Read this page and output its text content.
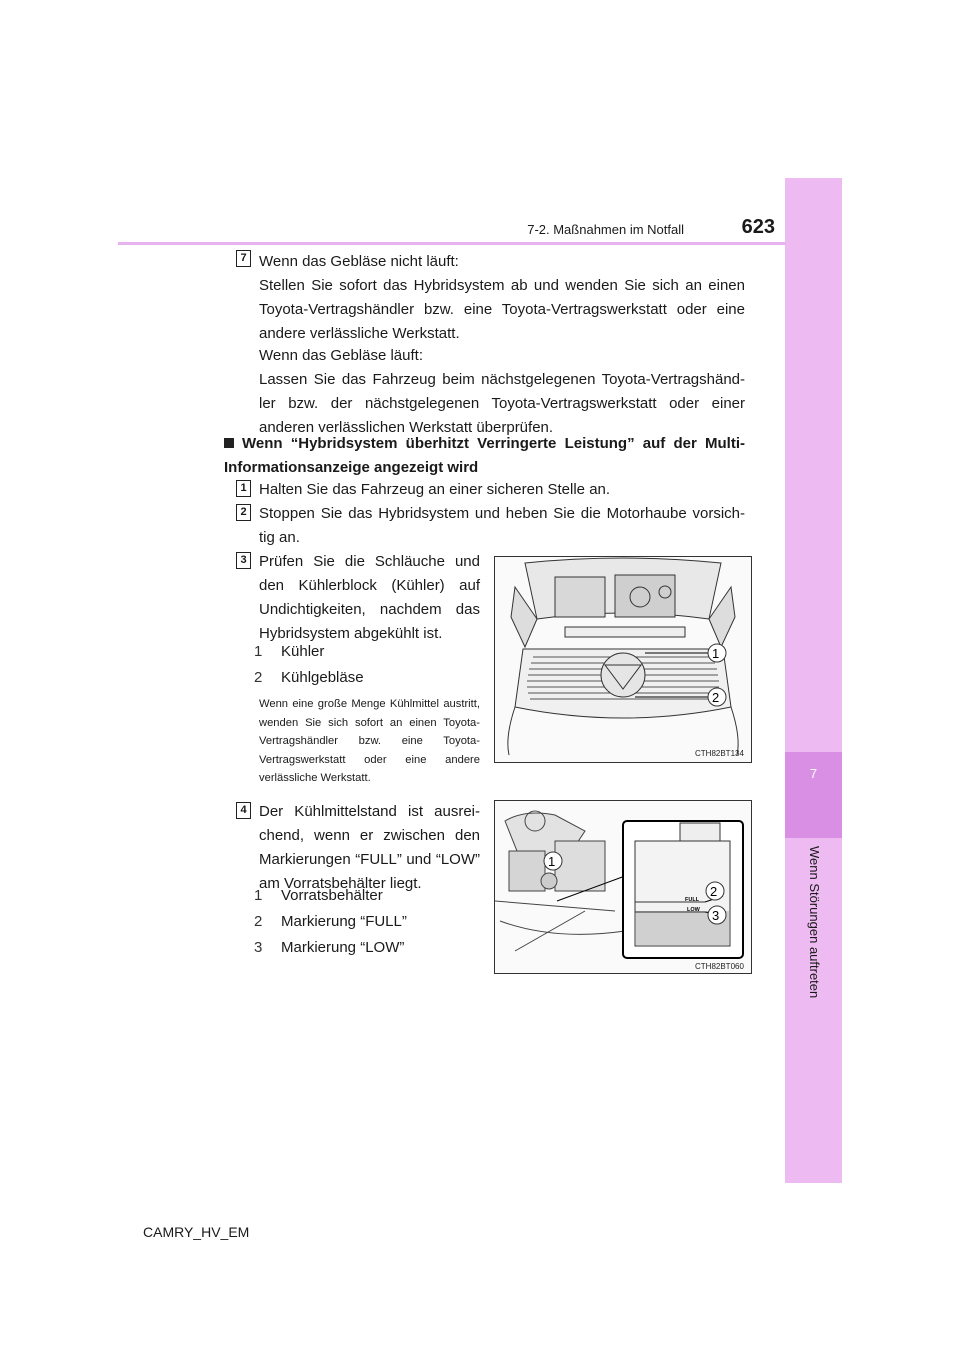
7
Wenn Störungen auftreten
7-2. Maßnahmen im Notfall	623
7 Wenn das Gebläse nicht läuft:
Stellen Sie sofort das Hybridsystem ab und wenden Sie sich an einen Toyota-Vertragshändler bzw. eine Toyota-Vertragswerkstatt oder eine andere verlässliche Werkstatt.
Wenn das Gebläse läuft:
Lassen Sie das Fahrzeug beim nächstgelegenen Toyota-Vertragshänd-ler bzw. der nächstgelegenen Toyota-Vertragswerkstatt oder einer anderen verlässlichen Werkstatt überprüfen.
Wenn “Hybridsystem überhitzt Verringerte Leistung” auf der Multi-Informationsanzeige angezeigt wird
1 Halten Sie das Fahrzeug an einer sicheren Stelle an.
2 Stoppen Sie das Hybridsystem und heben Sie die Motorhaube vorsich-tig an.
3 Prüfen Sie die Schläuche und den Kühlerblock (Kühler) auf Undichtigkeiten, nachdem das Hybridsystem abgekühlt ist.
1 Kühler
2 Kühlgebläse
Wenn eine große Menge Kühlmittel austritt, wenden Sie sich sofort an einen Toyota-Vertragshändler bzw. eine Toyota-Vertragswerkstatt oder eine andere verlässliche Werkstatt.
1
2
CTH82BT134
4 Der Kühlmittelstand ist ausrei-chend, wenn er zwischen den Markierungen “FULL” und “LOW” am Vorratsbehälter liegt.
1 Vorratsbehälter
2 Markierung “FULL”
3 Markierung “LOW”
FULL
LOW
1
2
3
CTH82BT060
CAMRY_HV_EM
